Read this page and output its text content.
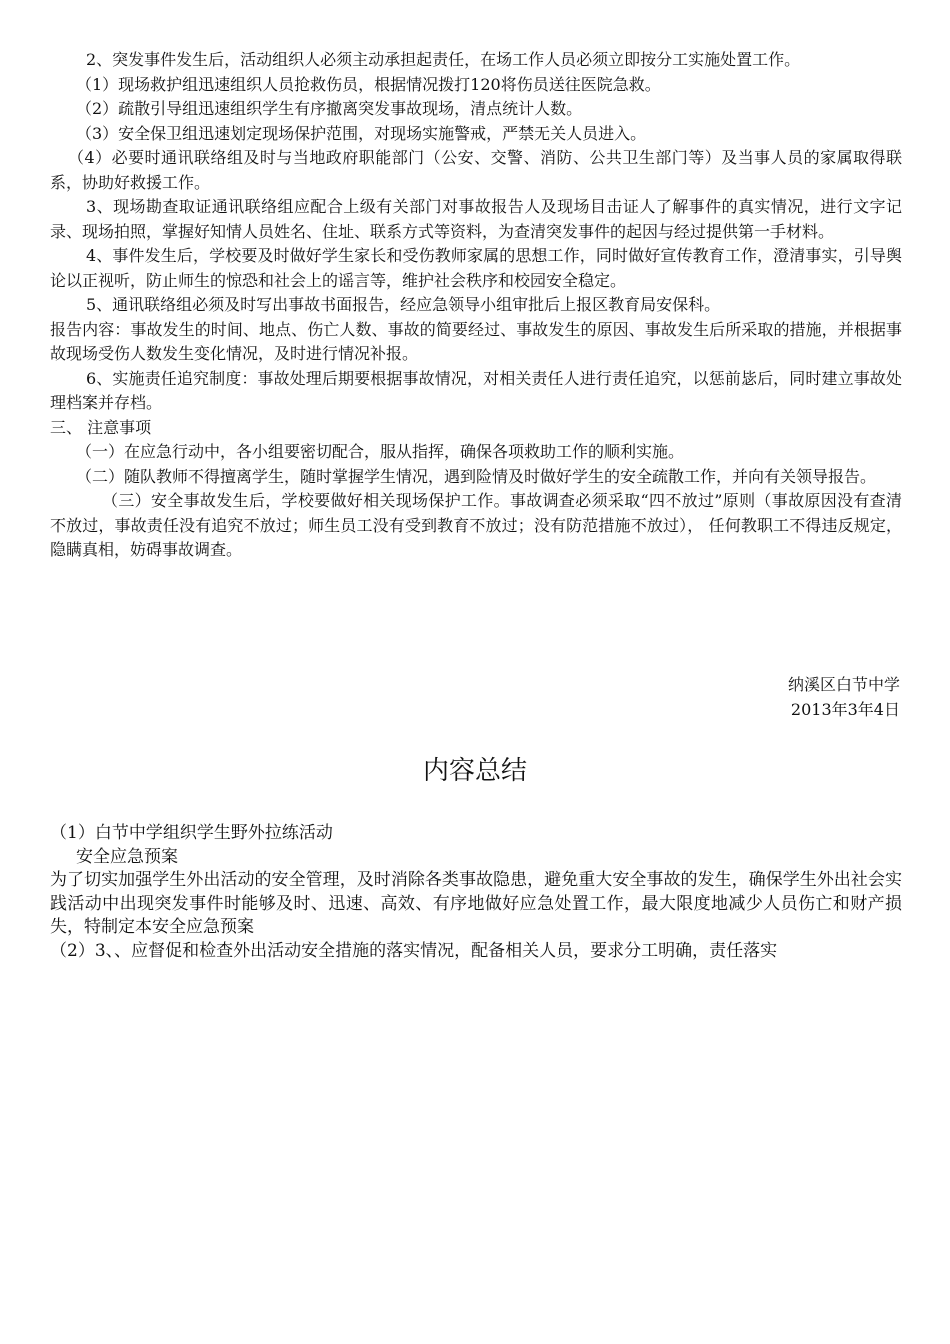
2、突发事件发生后，活动组织人必须主动承担起责任，在场工作人员必须立即按分工实施处置工作。

（1）现场救护组迅速组织人员抢救伤员，根据情况拨打120将伤员送往医院急救。

（2）疏散引导组迅速组织学生有序撤离突发事故现场，清点统计人数。

（3）安全保卫组迅速划定现场保护范围，对现场实施警戒，严禁无关人员进入。

（4）必要时通讯联络组及时与当地政府职能部门（公安、交警、消防、公共卫生部门等）及当事人员的家属取得联系，协助好救援工作。

3、现场勘查取证通讯联络组应配合上级有关部门对事故报告人及现场目击证人了解事件的真实情况，进行文字记录、现场拍照，掌握好知情人员姓名、住址、联系方式等资料，为查清突发事件的起因与经过提供第一手材料。

4、事件发生后，学校要及时做好学生家长和受伤教师家属的思想工作，同时做好宣传教育工作，澄清事实，引导舆论以正视听，防止师生的惊恐和社会上的谣言等，维护社会秩序和校园安全稳定。

5、通讯联络组必须及时写出事故书面报告，经应急领导小组审批后上报区教育局安保科。

报告内容：事故发生的时间、地点、伤亡人数、事故的简要经过、事故发生的原因、事故发生后所采取的措施，并根据事故现场受伤人数发生变化情况，及时进行情况补报。

6、实施责任追究制度：事故处理后期要根据事故情况，对相关责任人进行责任追究，以惩前毖后，同时建立事故处理档案并存档。

三、 注意事项

（一）在应急行动中，各小组要密切配合，服从指挥，确保各项救助工作的顺利实施。

（二）随队教师不得擅离学生，随时掌握学生情况，遇到险情及时做好学生的安全疏散工作，并向有关领导报告。

（三）安全事故发生后，学校要做好相关现场保护工作。事故调查必须采取“四不放过”原则（事故原因没有查清不放过，事故责任没有追究不放过；师生员工没有受到教育不放过；没有防范措施不放过）， 任何教职工不得违反规定，隐瞒真相，妨碍事故调查。

纳溪区白节中学
2013年3年4日
内容总结

（1）白节中学组织学生野外拉练活动

安全应急预案

为了切实加强学生外出活动的安全管理，及时消除各类事故隐患，避免重大安全事故的发生，确保学生外出社会实践活动中出现突发事件时能够及时、迅速、高效、有序地做好应急处置工作，最大限度地减少人员伤亡和财产损失，特制定本安全应急预案

（2）3、、应督促和检查外出活动安全措施的落实情况，配备相关人员，要求分工明确，责任落实
